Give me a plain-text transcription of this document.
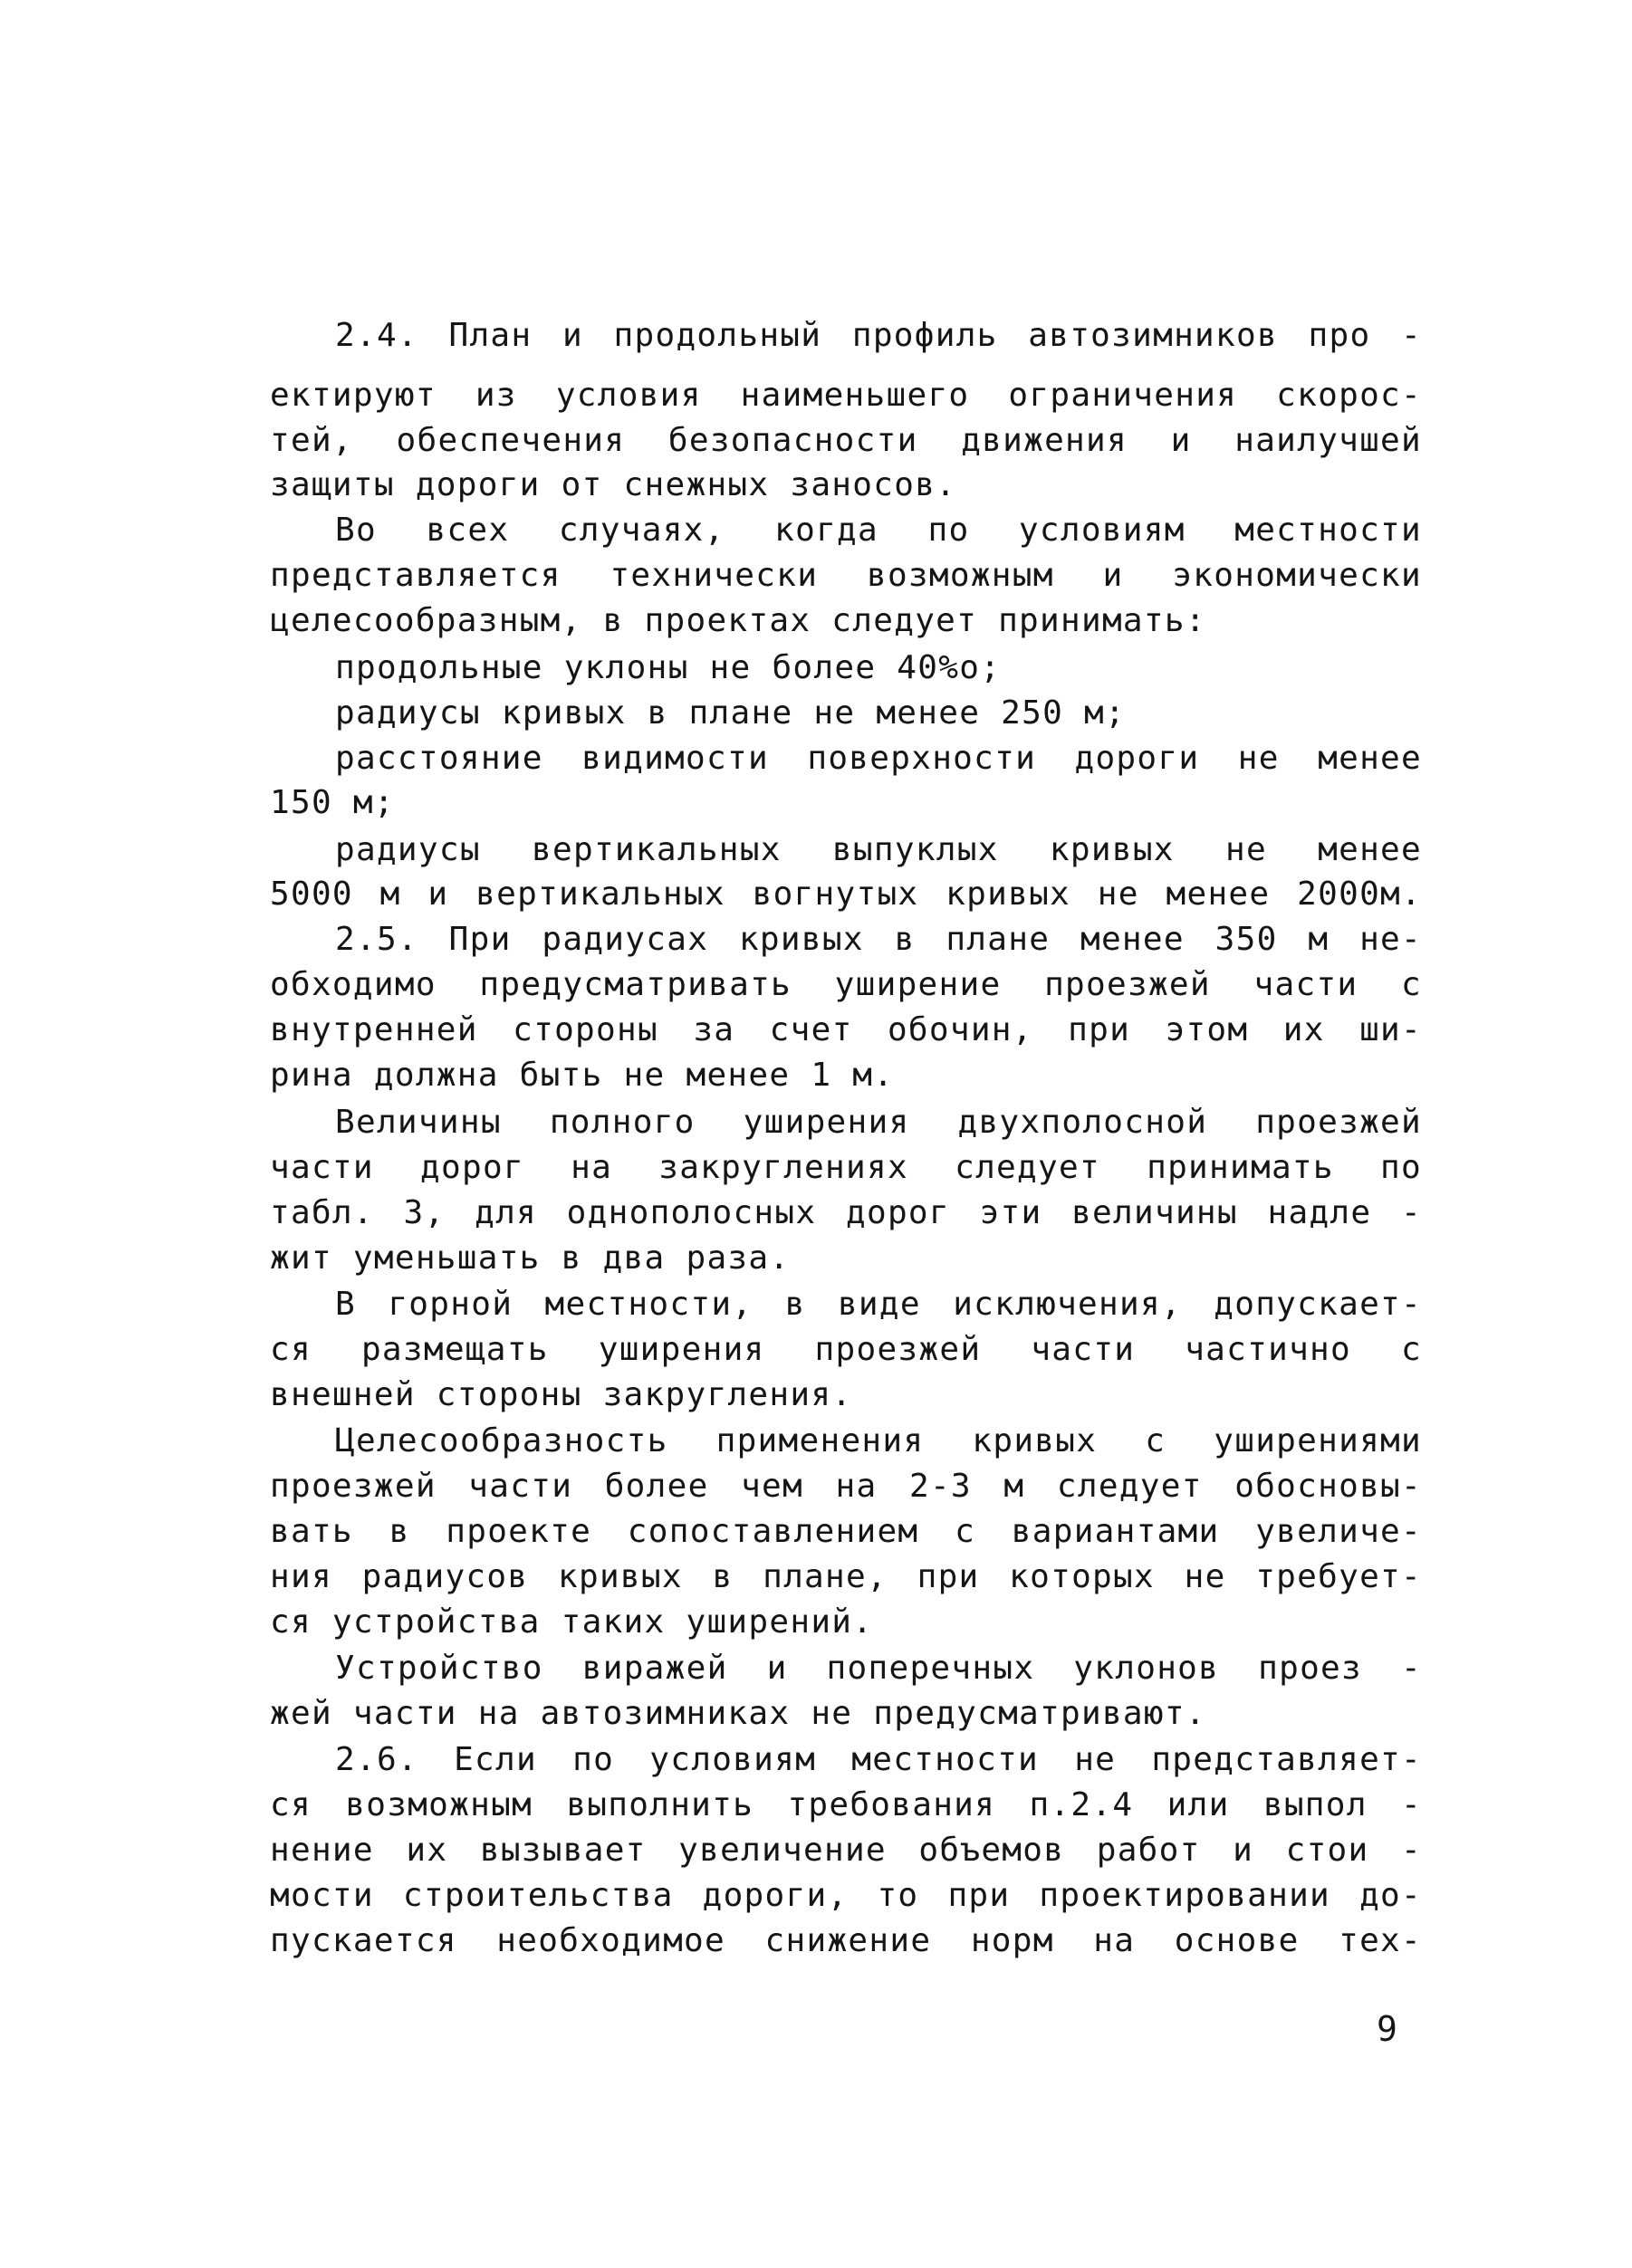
2.4. План и продольный профиль автозимников про -
ектируют из условия наименьшего ограничения скорос-
тей, обеспечения безопасности движения и наилучшей
защиты дороги от снежных заносов.
Во всех случаях, когда по условиям местности
представляется технически возможным и экономически
целесообразным, в проектах следует принимать:
продольные уклоны не более 40%о;
радиусы кривых в плане не менее 250 м;
расстояние видимости поверхности дороги не менее
150 м;
радиусы вертикальных выпуклых кривых не менее
5000 м и вертикальных вогнутых кривых не менее 2000м.
2.5. При радиусах кривых в плане менее 350 м не-
обходимо предусматривать уширение проезжей части с
внутренней стороны за счет обочин, при этом их ши-
рина должна быть не менее 1 м.
Величины полного уширения двухполосной проезжей
части дорог на закруглениях следует принимать по
табл. 3, для однополосных дорог эти величины надле -
жит уменьшать в два раза.
В горной местности, в виде исключения, допускает-
ся размещать уширения проезжей части частично с
внешней стороны закругления.
Целесообразность применения кривых с уширениями
проезжей части более чем на 2-3 м следует обосновы-
вать в проекте сопоставлением с вариантами увеличе-
ния радиусов кривых в плане, при которых не требует-
ся устройства таких уширений.
Устройство виражей и поперечных уклонов проез -
жей части на автозимниках не предусматривают.
2.6. Если по условиям местности не представляет-
ся возможным выполнить требования п.2.4 или выпол -
нение их вызывает увеличение объемов работ и стои -
мости строительства дороги, то при проектировании до-
пускается необходимое снижение норм на основе тех-
9
